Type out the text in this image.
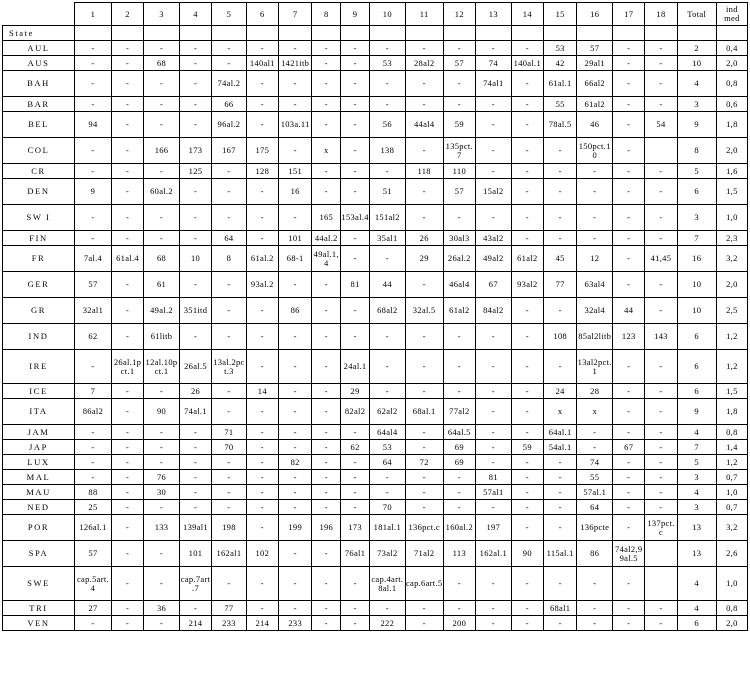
	1	2	3	4	5	6	7	8	9	10	11	12	13	14	15	16	17	18	Total	ind
med
State																				
AUL	-	-	-	-	-	-	-	-	-	-	-	-	-	-	53	57	-	-	2	0,4
AUS	-	-	68	-	-	140al1	1421itb	-	-	53	28al2	57	74	140al.1	42	29al1	-	-	10	2,0
BAH	-	-	-	-	74al.2	-	-	-	-	-	-	-	74al1	-	61al.1	66al2	-	-	4	0,8
BAR	-	-	-	-	66	-	-	-	-	-	-	-	-	-	55	61al2	-	-	3	0,6
BEL	94	-	-	-	96al.2	-	103a.11	-	-	56	44al4	59	-	-	78al.5	46	-	54	9	1,8
COL	-	-	166	173	167	175	-	x	-	138	-	135pct.7	-	-	-	150pct.10	-		8	2,0
CR	-	-	-	125	-	128	151	-	-	-	118	110	-	-	-	-	-	-	5	1,6
DEN	9	-	60al.2	-	-	-	16	-	-	51	-	57	15al2	-	-	-	-	-	6	1,5
SW I	-	-	-	-	-	-	-	165	153al.4	151al2	-	-	-	-	-	-	-	-	3	1,0
FIN	-	-	-	-	64	-	101	44al.2	-	35al1	26	30al3	43al2	-	-	-	-	-	7	2,3
FR	7al.4	61al.4	68	10	8	61al.2	68-1	49al.1,4	-	-	29	26al.2	49al2	61al2	45	12	-	41,45	16	3,2
GER	57	-	61	-	-	93al.2	-	-	81	44	-	46al4	67	93al2	77	63al4	-	-	10	2,0
GR	32al1	-	49al.2	351itd	-	-	86	-	-	68al2	32al.5	61al2	84al2	-	-	32al4	44	-	10	2,5
IND	62	-	61litb	-	-	-	-	-	-	-	-	-	-	-	108	85al2litb	123	143	6	1,2
IRE	-	26al.1pct.1	12al.10pct.1	26al.5	13al.2pct.3	-	-	-	24al.1	-	-	-	-	-	-	13al2pct.1	-	-	6	1,2
ICE	7	-	-	26	-	14	-	-	29	-	-	-	-	-	24	28	-	-	6	1,5
ITA	86al2	-	90	74al.1	-	-	-	-	82al2	62al2	68al.1	77al2	-	-	x	x	-	-	9	1,8
JAM	-	-	-	-	71	-	-	-	-	64al4	-	64al.5	-	-	64al.1	-	-	-	4	0,8
JAP	-	-	-	-	70	-	-	-	62	53	-	69	-	59	54al.1	-	67	-	7	1,4
LUX	-	-	-	-	-	-	82	-	-	64	72	69	-	-	-	74	-	-	5	1,2
MAL	-	-	76	-	-	-	-	-	-	-	-	-	81	-	-	55	-	-	3	0,7
MAU	88	-	30	-	-	-	-	-	-	-	-	-	57al1	-	-	57al.1	-	-	4	1,0
NED	25	-	-	-	-	-	-	-	-	70	-	-	-	-	-	64	-	-	3	0,7
POR	126al.1	-	133	139al1	198	-	199	196	173	181al.1	136pct.c	160al.2	197	-	-	136pcte	-	137pct.c	13	3,2
SPA	57	-	-	101	162al1	102	-	-	76al1	73al2	71al2	113	162al.1	90	115al.1	86	74al2,99al.5		13	2,6
SWE	cap.5art.4	-	-	cap.7art.7	-	-	-	-	-	cap.4art.8al.1	cap.6art.5	-	-	-	-	-	-		4	1,0
TRI	27	-	36	-	77	-	-	-	-	-	-	-	-	-	68al1	-	-	-	4	0,8
VEN	-	-	-	214	233	214	233	-	-	222	-	200	-	-	-	-	-	-	6	2,0
